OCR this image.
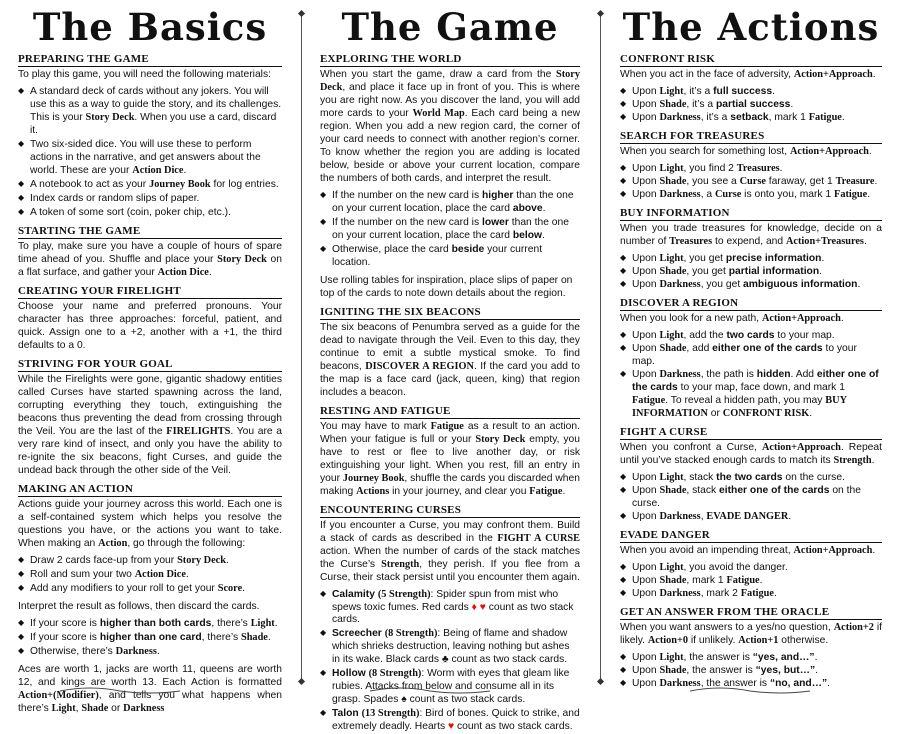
The Basics
PREPARING THE GAME

To play this game, you will need the following materials:

◆ A standard deck of cards without any jokers. You will use this as a way to guide the story, and its challenges. This is your Story Deck. When you use a card, discard it.
◆ Two six-sided dice. You will use these to perform actions in the narrative, and get answers about the world. These are your Action Dice.
◆ A notebook to act as your Journey Book for log entries.
◆ Index cards or random slips of paper.
◆ A token of some sort (coin, poker chip, etc.).
STARTING THE GAME

To play, make sure you have a couple of hours of spare time ahead of you. Shuffle and place your Story Deck on a flat surface, and gather your Action Dice.

CREATING YOUR FIRELIGHT

Choose your name and preferred pronouns. Your character has three approaches: forceful, patient, and quick. Assign one to a +2, another with a +1, the third defaults to a 0.

STRIVING FOR YOUR GOAL

While the Firelights were gone, gigantic shadowy entities called Curses have started spawning across the land, corrupting everything they touch, extinguishing the beacons thus preventing the dead from crossing through the Veil. You are the last of the FIRELIGHTS. You are a very rare kind of insect, and only you have the ability to re-ignite the six beacons, fight Curses, and guide the undead back through the other side of the Veil.

MAKING AN ACTION

Actions guide your journey across this world. Each one is a self-contained system which helps you resolve the questions you have, or the actions you want to take. When making an Action, go through the following:

◆ Draw 2 cards face-up from your Story Deck.
◆ Roll and sum your two Action Dice.
◆ Add any modifiers to your roll to get your Score.

Interpret the result as follows, then discard the cards.

◆ If your score is higher than both cards, there’s Light.
◆ If your score is higher than one card, there’s Shade.
◆ Otherwise, there’s Darkness.

Aces are worth 1, jacks are worth 11, queens are worth 12, and kings are worth 13. Each Action is formatted Action+(Modifier), and tells you what happens when there’s Light, Shade or Darkness

The Game
EXPLORING THE WORLD

When you start the game, draw a card from the Story Deck, and place it face up in front of you. This is where you are right now. As you discover the land, you will add more cards to your World Map. Each card being a new region. When you add a new region card, the corner of your card needs to connect with another region’s corner. To know whether the region you are adding is located below, beside or above your current location, compare the numbers of both cards, and interpret the result.

◆ If the number on the new card is higher than the one on your current location, place the card above.
◆ If the number on the new card is lower than the one on your current location, place the card below.
◆ Otherwise, place the card beside your current location.

Use rolling tables for inspiration, place slips of paper on top of the cards to note down details about the region.

IGNITING THE SIX BEACONS

The six beacons of Penumbra served as a guide for the dead to navigate through the Veil. Even to this day, they continue to emit a subtle mystical smoke. To find beacons, DISCOVER A REGION. If the card you add to the map is a face card (jack, queen, king) that region includes a beacon.

RESTING AND FATIGUE

You may have to mark Fatigue as a result to an action. When your fatigue is full or your Story Deck empty, you have to rest or flee to live another day, or risk extinguishing your light. When you rest, fill an entry in your Journey Book, shuffle the cards you discarded when making Actions in your journey, and clear you Fatigue.

ENCOUNTERING CURSES

If you encounter a Curse, you may confront them. Build a stack of cards as described in the FIGHT A CURSE action. When the number of cards of the stack matches the Curse’s Strength, they perish. If you flee from a Curse, their stack persist until you encounter them again.

◆ Calamity (5 Strength): Spider spun from mist who spews toxic fumes. Red cards ♦ ♥ count as two stack cards.
◆ Screecher (8 Strength): Being of flame and shadow which shrieks destruction, leaving nothing but ashes in its wake. Black cards ♣ count as two stack cards.
◆ Hollow (8 Strength): Worm with eyes that gleam like rubies. Attacks from below and consume all in its grasp. Spades ♠ count as two stack cards.
◆ Talon (13 Strength): Bird of bones. Quick to strike, and extremely deadly. Hearts ♥ count as two stack cards.
The Actions
CONFRONT RISK

When you act in the face of adversity, Action+Approach.

◆ Upon Light, it’s a full success.
◆ Upon Shade, it’s a partial success.
◆ Upon Darkness, it’s a setback, mark 1 Fatigue.
SEARCH FOR TREASURES

When you search for something lost, Action+Approach.

◆ Upon Light, you find 2 Treasures.
◆ Upon Shade, you see a Curse faraway, get 1 Treasure.
◆ Upon Darkness, a Curse is onto you, mark 1 Fatigue.
BUY INFORMATION

When you trade treasures for knowledge, decide on a number of Treasures to expend, and Action+Treasures.

◆ Upon Light, you get precise information.
◆ Upon Shade, you get partial information.
◆ Upon Darkness, you get ambiguous information.
DISCOVER A REGION

When you look for a new path, Action+Approach.

◆ Upon Light, add the two cards to your map.
◆ Upon Shade, add either one of the cards to your map.
◆ Upon Darkness, the path is hidden. Add either one of the cards to your map, face down, and mark 1 Fatigue. To reveal a hidden path, you may BUY INFORMATION or CONFRONT RISK.
FIGHT A CURSE

When you confront a Curse, Action+Approach. Repeat until you’ve stacked enough cards to match its Strength.

◆ Upon Light, stack the two cards on the curse.
◆ Upon Shade, stack either one of the cards on the curse.
◆ Upon Darkness, EVADE DANGER.
EVADE DANGER

When you avoid an impending threat, Action+Approach.

◆ Upon Light, you avoid the danger.
◆ Upon Shade, mark 1 Fatigue.
◆ Upon Darkness, mark 2 Fatigue.
GET AN ANSWER FROM THE ORACLE

When you want answers to a yes/no question, Action+2 if likely. Action+0 if unlikely. Action+1 otherwise.

◆ Upon Light, the answer is “yes, and…”.
◆ Upon Shade, the answer is “yes, but…”.
◆ Upon Darkness, the answer is “no, and…”.
